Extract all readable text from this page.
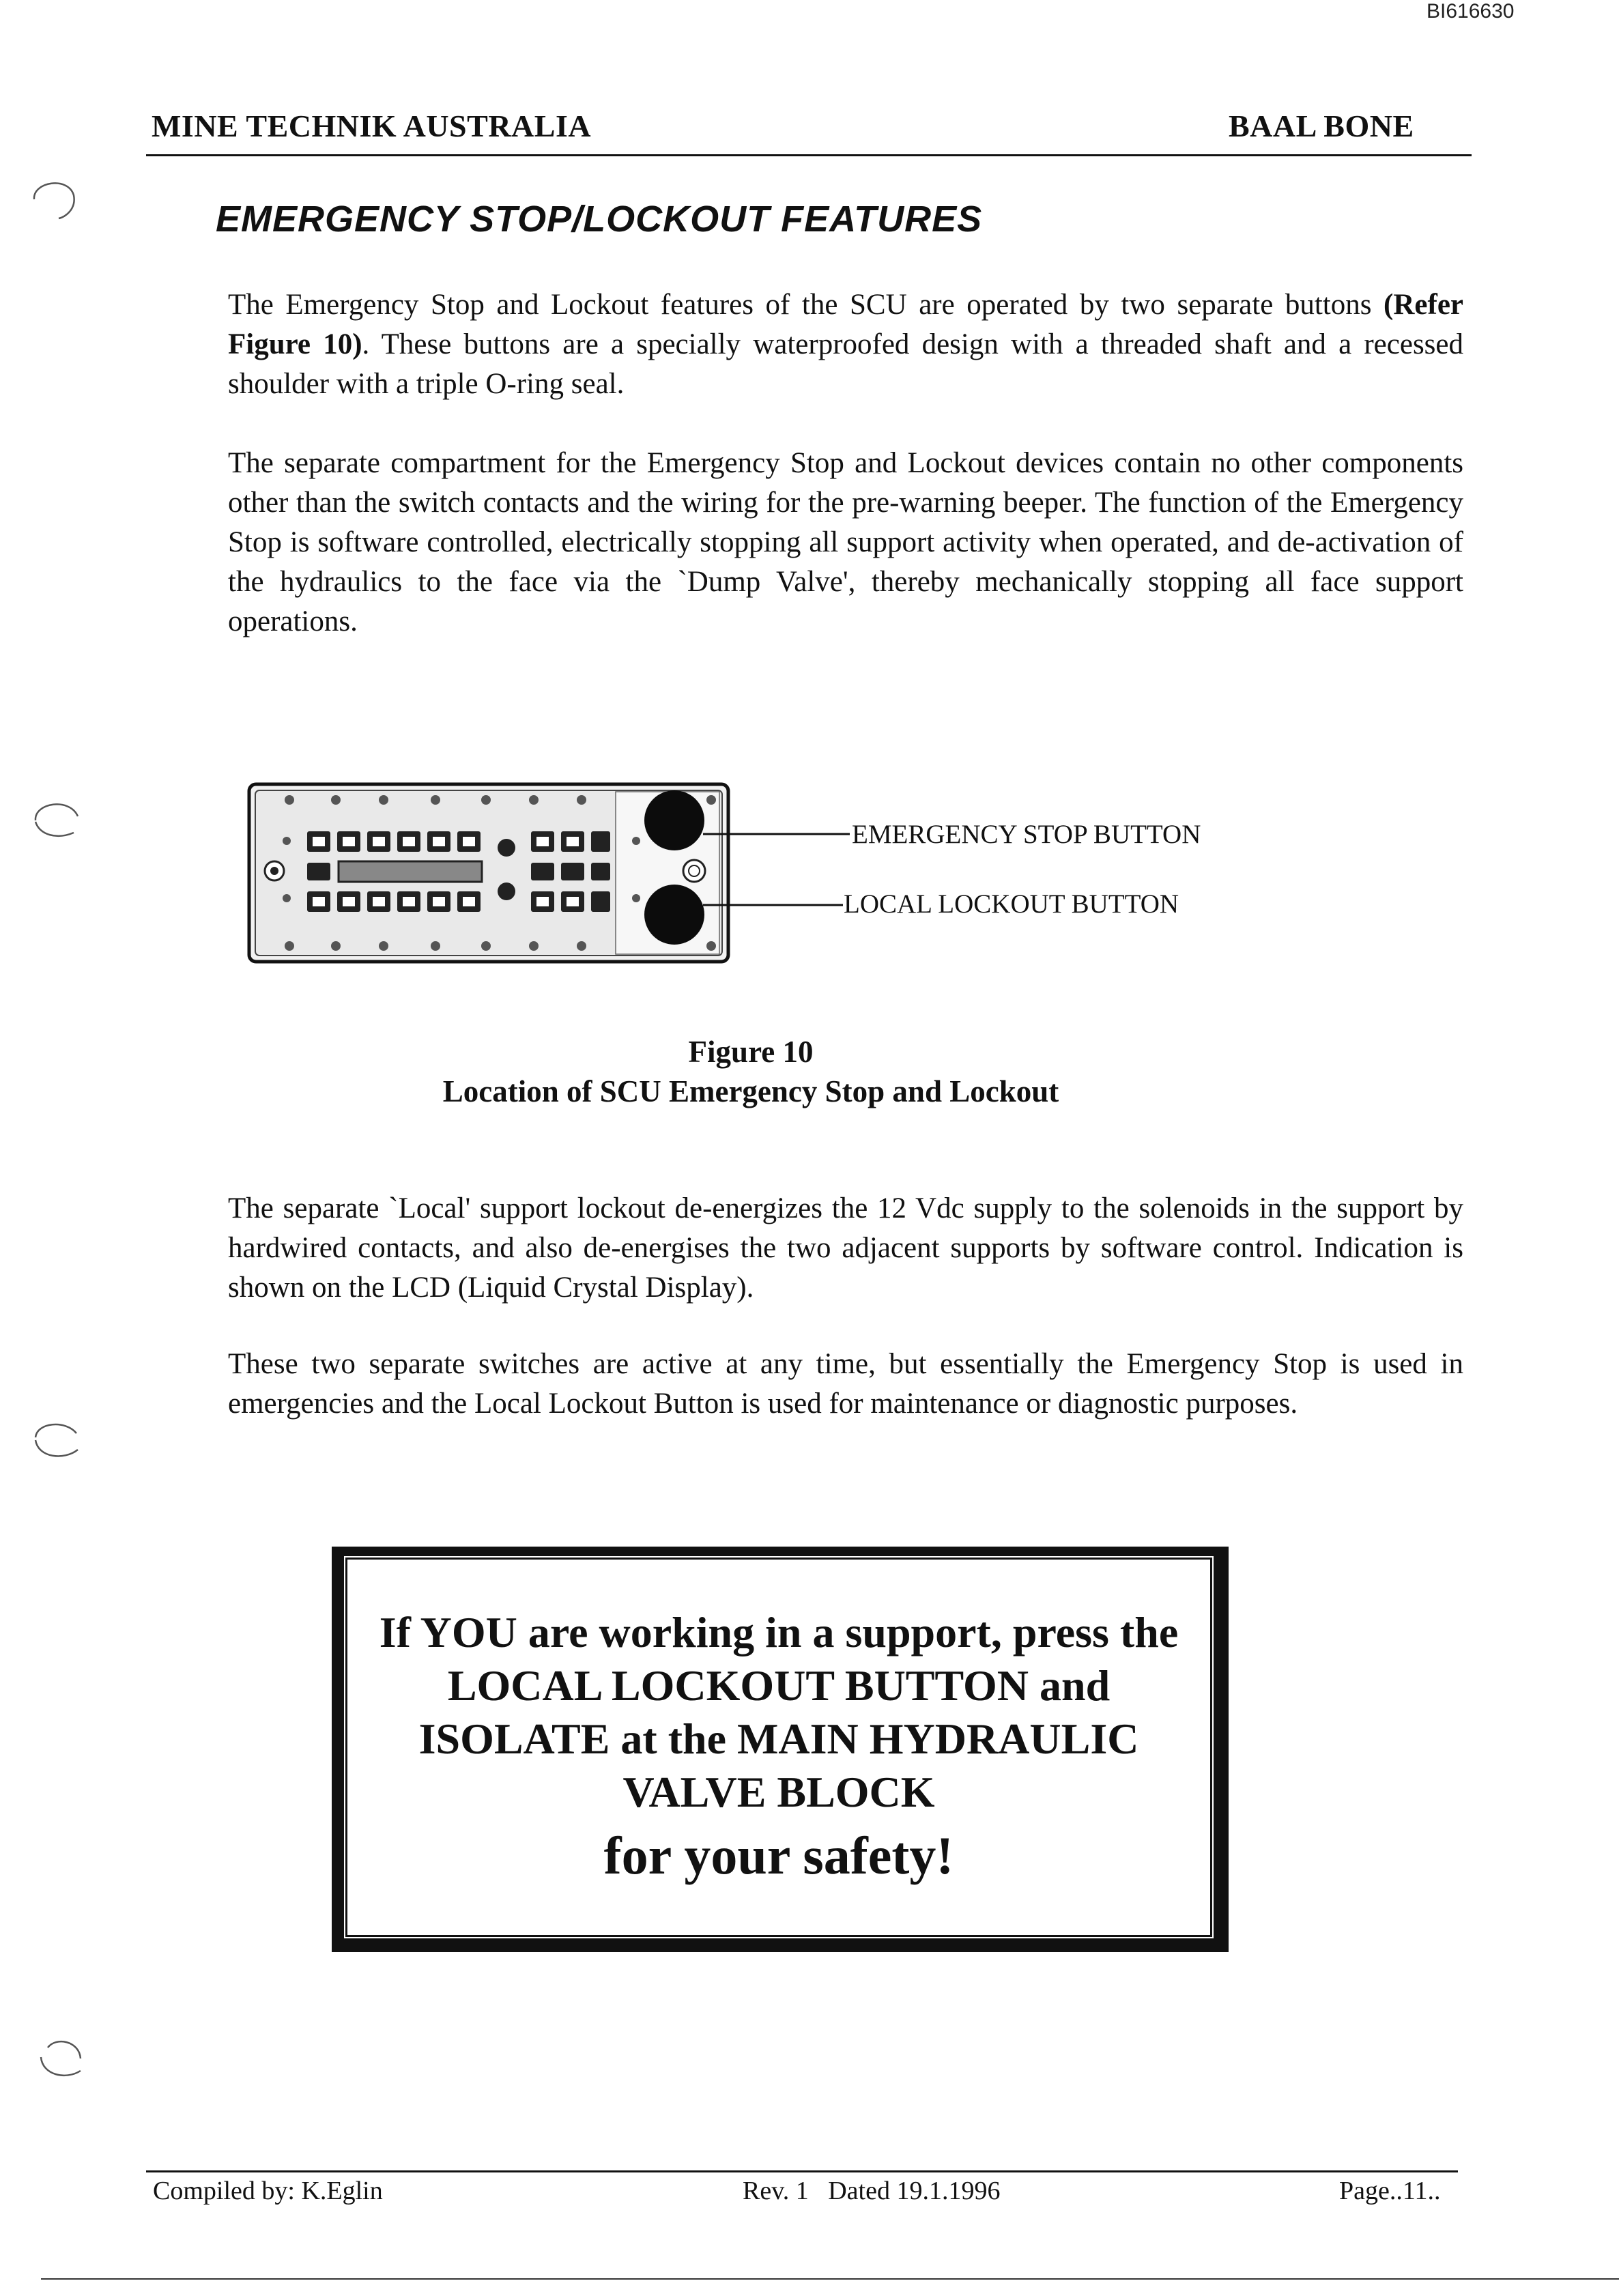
BI616630
MINE TECHNIK AUSTRALIA	BAAL BONE
EMERGENCY STOP/LOCKOUT FEATURES

The Emergency Stop and Lockout features of the SCU are operated by two separate buttons (Refer Figure 10). These buttons are a specially waterproofed design with a threaded shaft and a recessed shoulder with a triple O-ring seal.

The separate compartment for the Emergency Stop and Lockout devices contain no other components other than the switch contacts and the wiring for the pre-warning beeper. The function of the Emergency Stop is software controlled, electrically stopping all support activity when operated, and de-activation of the hydraulics to the face via the `Dump Valve', thereby mechanically stopping all face support operations.

EMERGENCY STOP BUTTON
LOCAL LOCKOUT BUTTON
Figure 10
Location of SCU Emergency Stop and Lockout

The separate `Local' support lockout de-energizes the 12 Vdc supply to the solenoids in the support by hardwired contacts, and also de-energises the two adjacent supports by software control. Indication is shown on the LCD (Liquid Crystal Display).

These two separate switches are active at any time, but essentially the Emergency Stop is used in emergencies and the Local Lockout Button is used for maintenance or diagnostic purposes.

If YOU are working in a support, press the
LOCAL LOCKOUT BUTTON and
ISOLATE at the MAIN HYDRAULIC
VALVE BLOCK
for your safety!
Compiled by: K.Eglin	Rev. 1   Dated 19.1.1996	Page..11..
